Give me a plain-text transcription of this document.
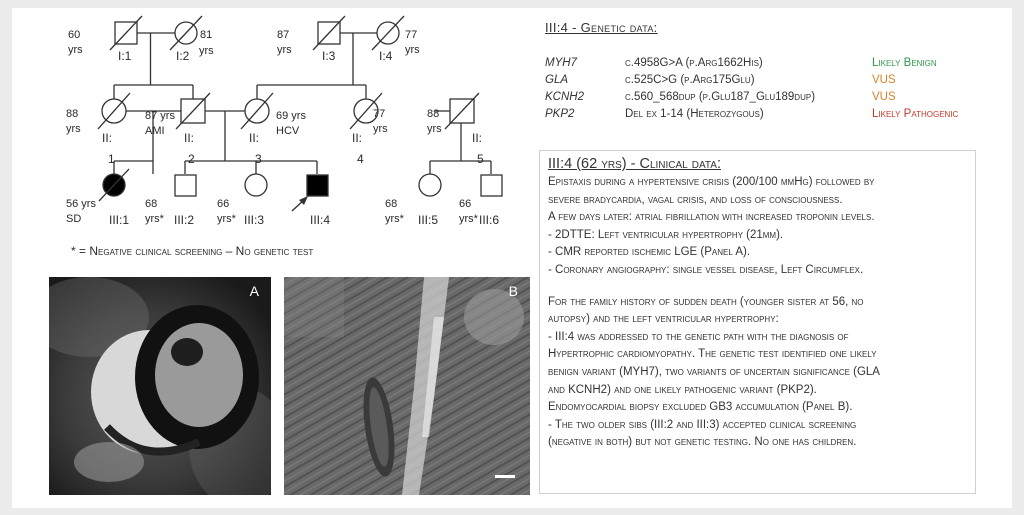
60
yrs	I:1
81
yrs
I:2
87
yrs	I:3
77
yrs
I:4
88
yrs
II:
1
87 yrs
AMI II:
2
69 yrs
HCV
II:
3
77
yrs
II:
4
88
yrs
II:
5
56 yrs
SD III:1
68
yrs* III:2
66
yrs* III:3	III:4
68
yrs* III:5
66
yrs* III:6
* = Negative clinical screening – No genetic test
III:4 - Genetic data:
MYH7	c.4958G>A (p.Arg1662His)	Likely Benign
GLA	c.525C>G (p.Arg175Glu)	VUS
KCNH2	c.560_568dup (p.Glu187_Glu189dup)	VUS
PKP2	Del ex 1-14 (Heterozygous)	Likely Pathogenic
III:4 (62 yrs) - Clinical data:
Epistaxis during a hypertensive crisis (200/100 mmHg) followed by
severe bradycardia, vagal crisis, and loss of consciousness.
A few days later: atrial fibrillation with increased troponin levels.
- 2DTTE: Left ventricular hypertrophy (21mm).
- CMR reported ischemic LGE (Panel A).
- Coronary angiography: single vessel disease, Left Circumflex.
For the family history of sudden death (younger sister at 56, no
autopsy) and the left ventricular hypertrophy:
- III:4 was addressed to the genetic path with the diagnosis of
Hypertrophic cardiomyopathy. The genetic test identified one likely
benign variant (MYH7), two variants of uncertain significance (GLA
and KCNH2) and one likely pathogenic variant (PKP2).
Endomyocardial biopsy excluded GB3 accumulation (Panel B).
- The two older sibs (III:2 and III:3) accepted clinical screening
(negative in both) but not genetic testing. No one has children.
A	B
